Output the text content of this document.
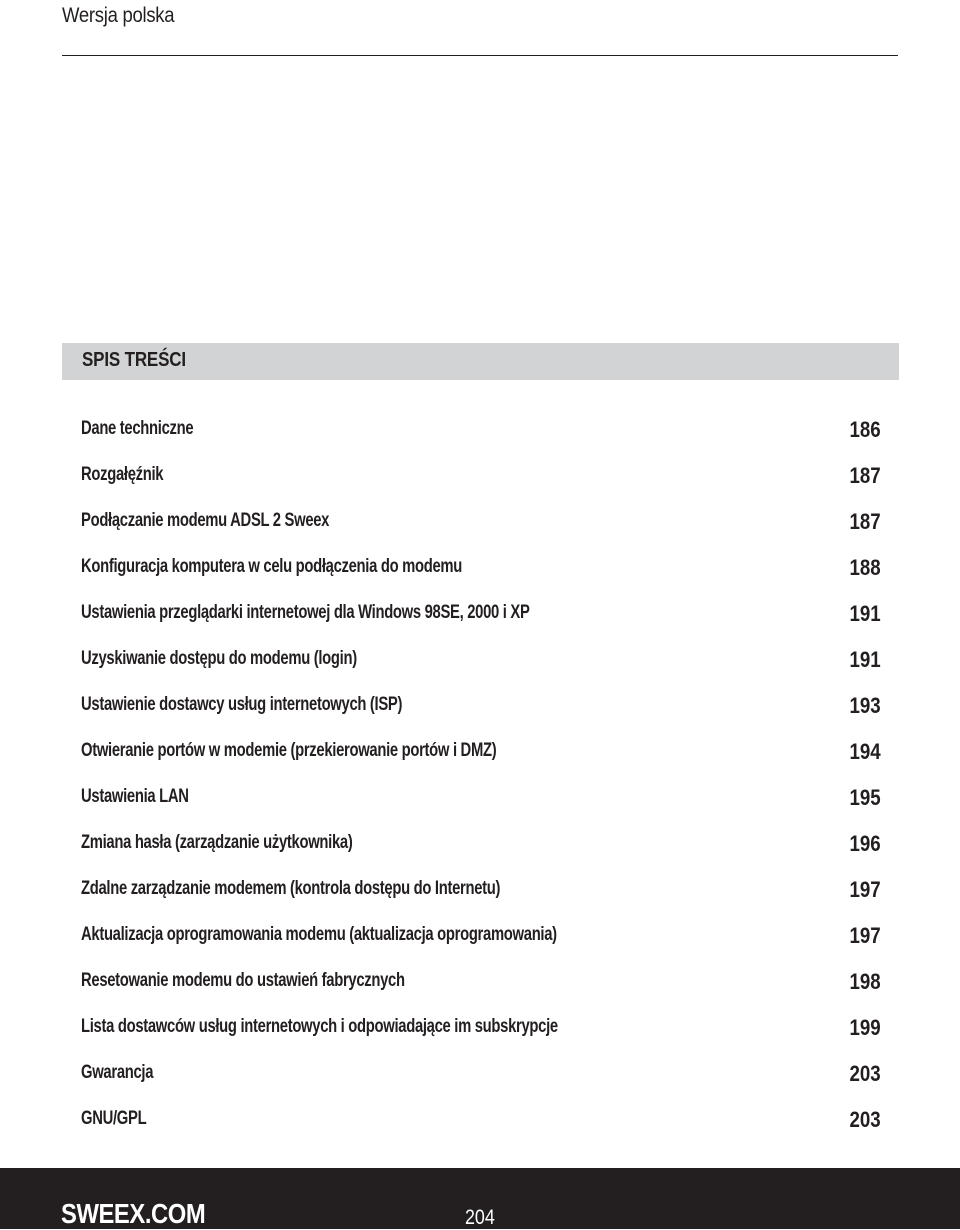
Wersja polska
SPIS TREŚCI
Dane techniczne	186
Rozgałęźnik	187
Podłączanie modemu ADSL 2 Sweex	187
Konfiguracja komputera w celu podłączenia do modemu	188
Ustawienia przeglądarki internetowej dla Windows 98SE, 2000 i XP	191
Uzyskiwanie dostępu do modemu (login)	191
Ustawienie dostawcy usług internetowych (ISP)	193
Otwieranie portów w modemie (przekierowanie portów i DMZ)	194
Ustawienia LAN	195
Zmiana hasła (zarządzanie użytkownika)	196
Zdalne zarządzanie modemem (kontrola dostępu do Internetu)	197
Aktualizacja oprogramowania modemu (aktualizacja oprogramowania)	197
Resetowanie modemu do ustawień fabrycznych	198
Lista dostawców usług internetowych i odpowiadające im subskrypcje	199
Gwarancja	203
GNU/GPL	203
SWEEX.COM	204
